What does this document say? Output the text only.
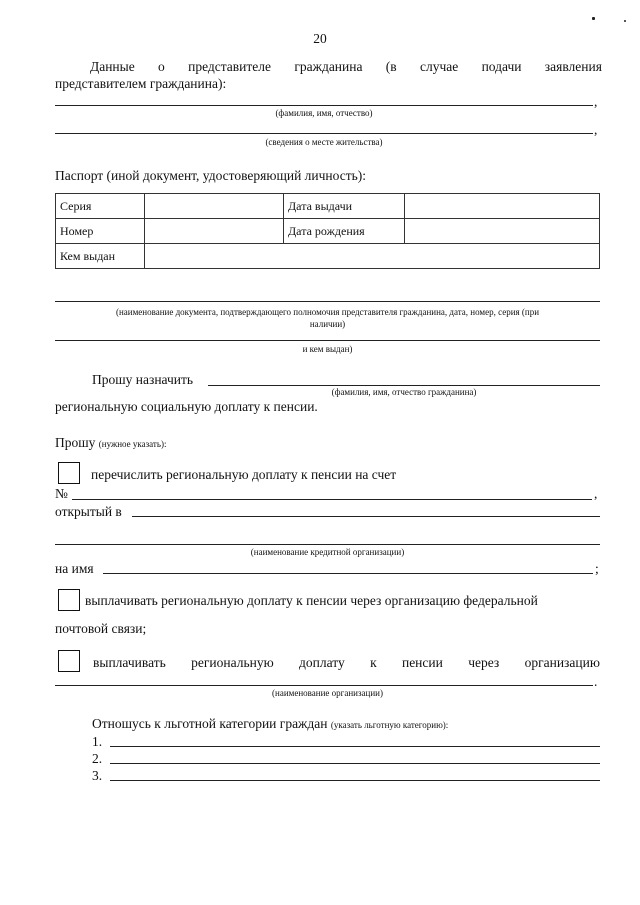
20
Данные о представителе гражданина (в случае подачи заявления
представителем гражданина):
,
(фамилия, имя, отчество)
,
(сведения о месте жительства)
Паспорт (иной документ, удостоверяющий личность):
Серия		Дата выдачи	
Номер		Дата рождения	
Кем выдан			
(наименование документа, подтверждающего полномочия представителя гражданина, дата, номер, серия (при
наличии)
и кем выдан)
Прошу назначить
(фамилия, имя, отчество гражданина)
региональную социальную доплату к пенсии.
Прошу (нужное указать):
перечислить региональную доплату к пенсии на счет
№	,
открытый в
(наименование кредитной организации)
на имя	;
выплачивать региональную доплату к пенсии через организацию федеральной
почтовой связи;
выплачивать региональную доплату к пенсии через организацию
.
(наименование организации)
Отношусь к льготной категории граждан (указать льготную категорию):
1.
2.
3.
